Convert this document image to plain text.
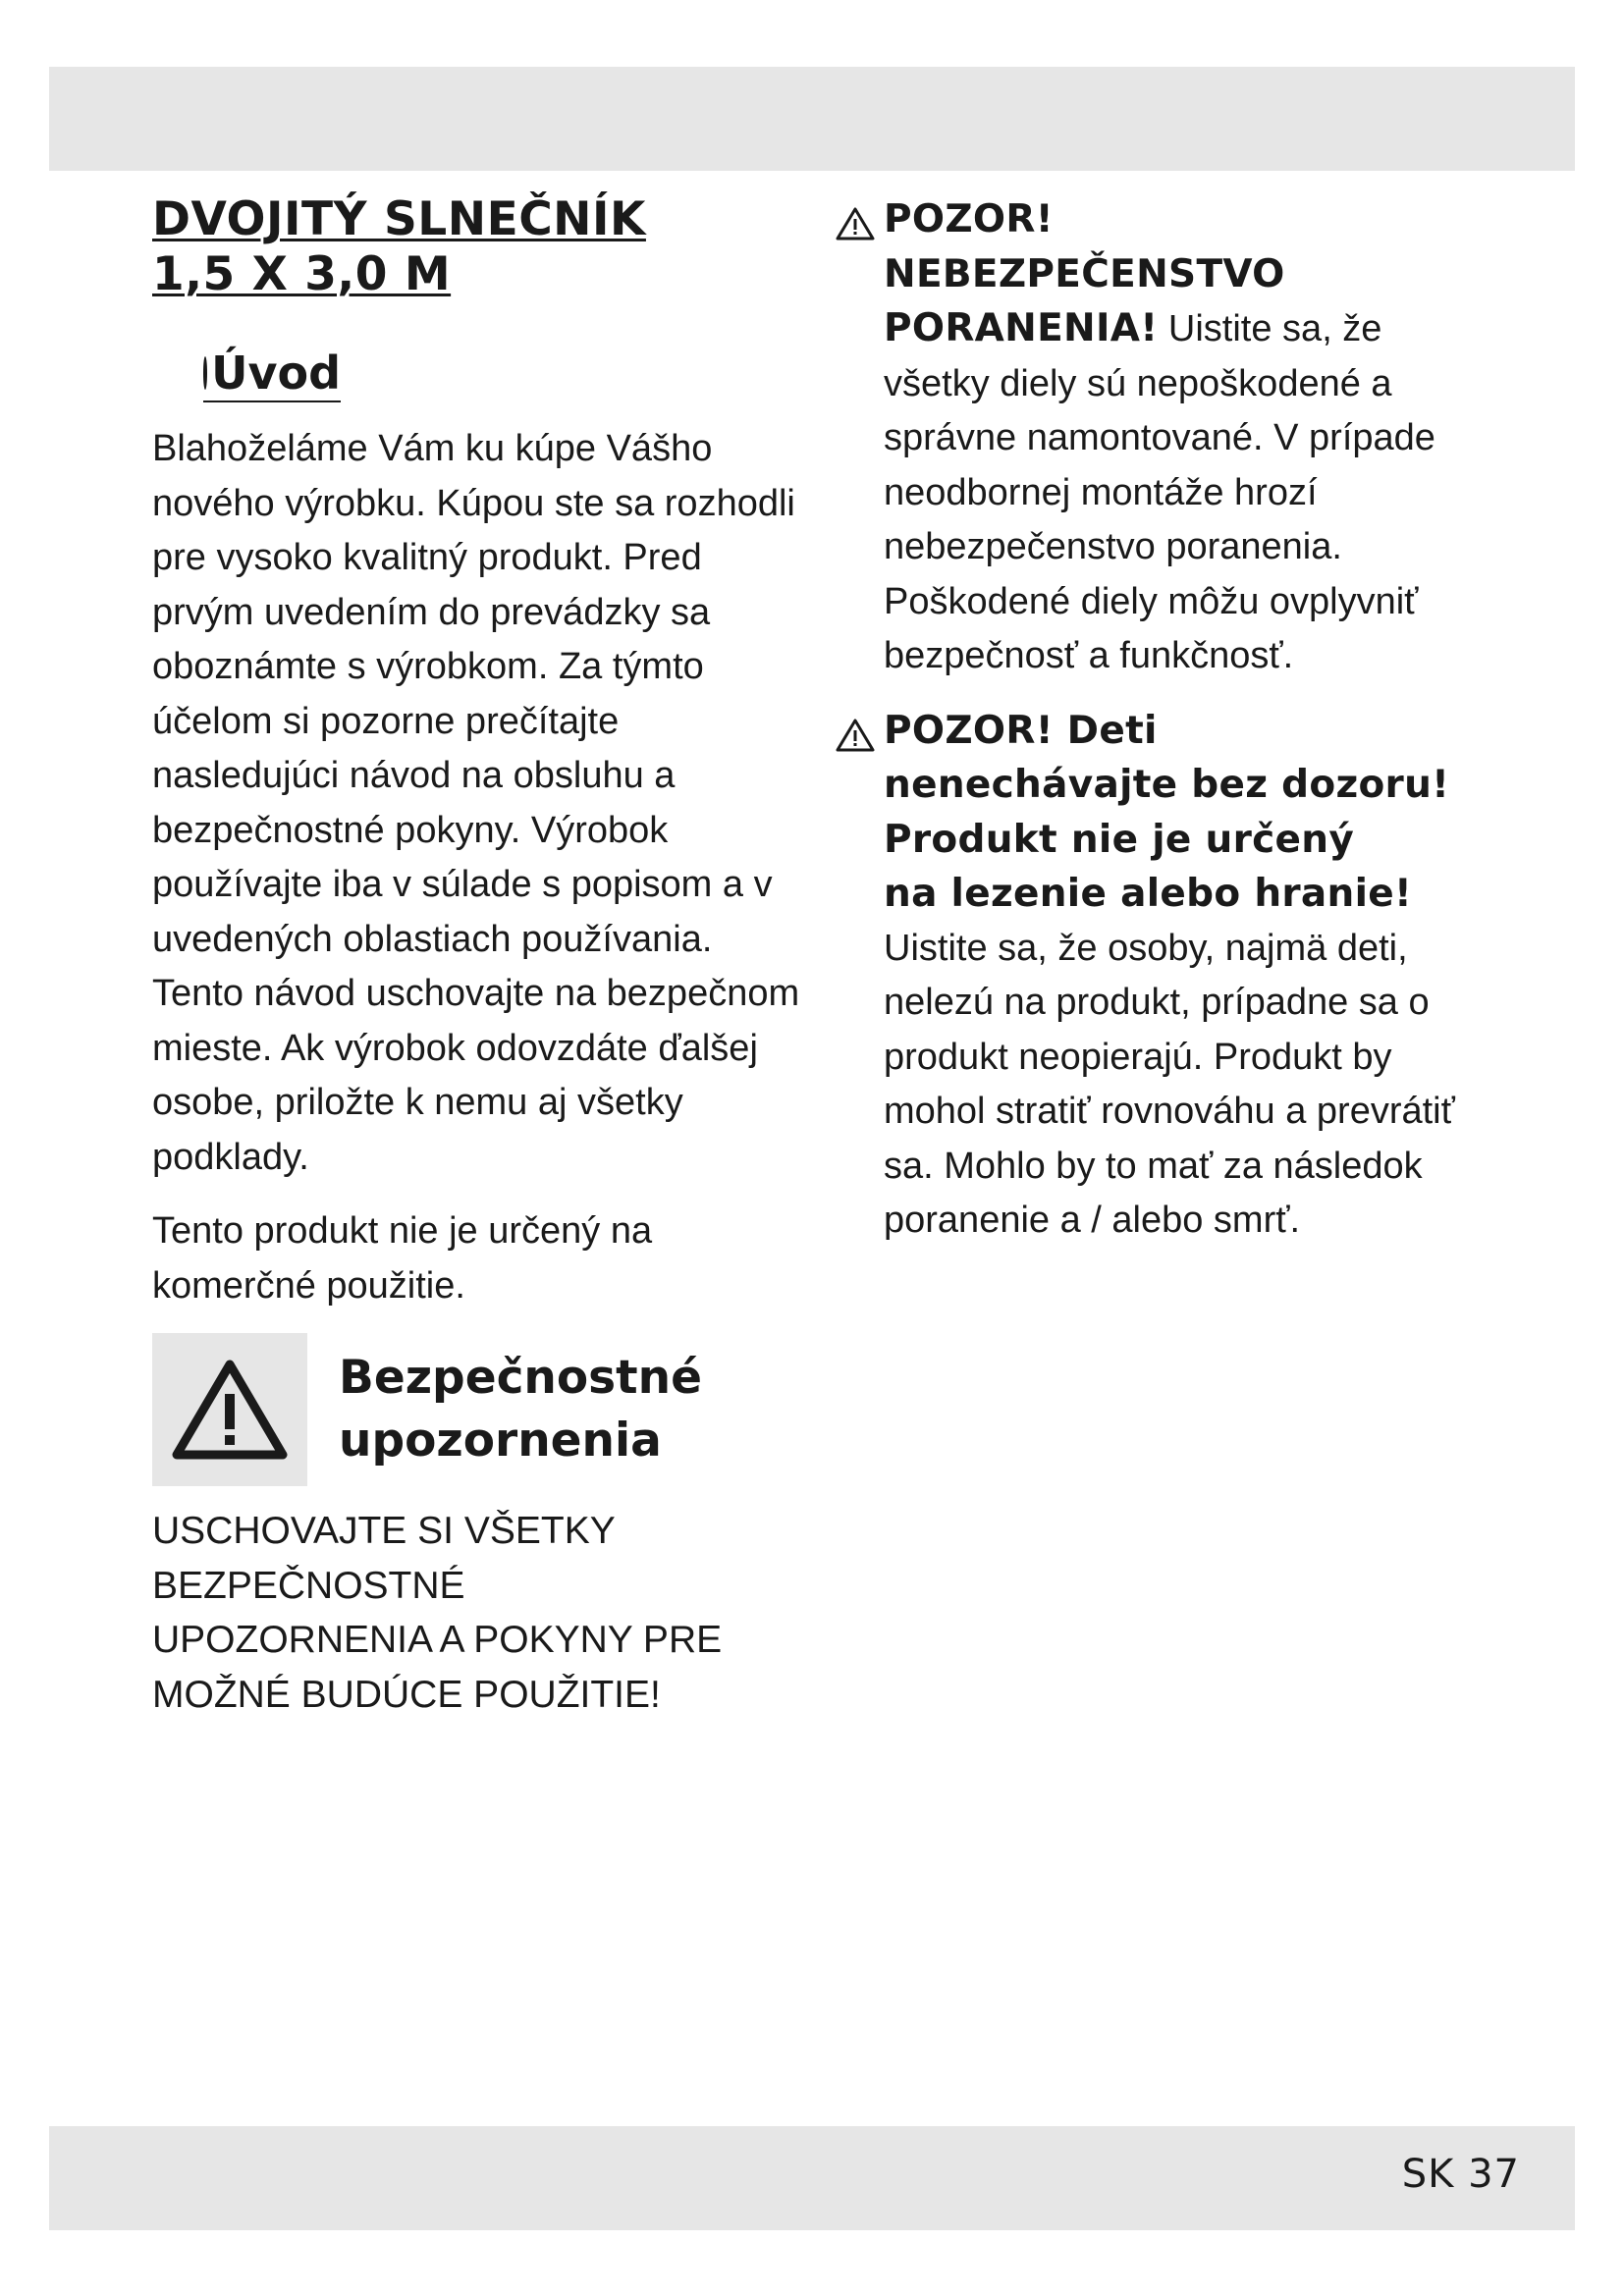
DVOJITÝ SLNEČNÍK
1,5 X 3,0 M
Úvod

Blahoželáme Vám ku kúpe Vášho nového výrobku. Kúpou ste sa rozhodli pre vysoko kvalitný produkt. Pred prvým uvedením do prevádzky sa oboznámte s výrobkom. Za týmto účelom si pozorne prečítajte nasledujúci návod na obsluhu a bezpečnostné pokyny. Výrobok používajte iba v súlade s popisom a v uvedených oblastiach používania. Tento návod uschovajte na bezpečnom mieste. Ak výrobok odovzdáte ďalšej osobe, priložte k nemu aj všetky podklady.

Tento produkt nie je určený na komerčné použitie.

Bezpečnostné
upozornenia

USCHOVAJTE SI VŠETKY

BEZPEČNOSTNÉ

UPOZORNENIA A POKYNY PRE

MOŽNÉ BUDÚCE POUŽITIE!

POZOR!
NEBEZPEČENSTVO
PORANENIA! Uistite sa, že všetky diely sú nepoškodené a správne namontované. V prípade neodbornej montáže hrozí nebezpečenstvo poranenia. Poškodené diely môžu ovplyvniť bezpečnosť a funkčnosť.
POZOR! Deti
nenechávajte bez dozoru!
Produkt nie je určený
na lezenie alebo hranie!
Uistite sa, že osoby, najmä deti, nelezú na produkt, prípadne sa o produkt neopierajú. Produkt by mohol stratiť rovnováhu a prevrátiť sa. Mohlo by to mať za následok poranenie a / alebo smrť.
SK 37
